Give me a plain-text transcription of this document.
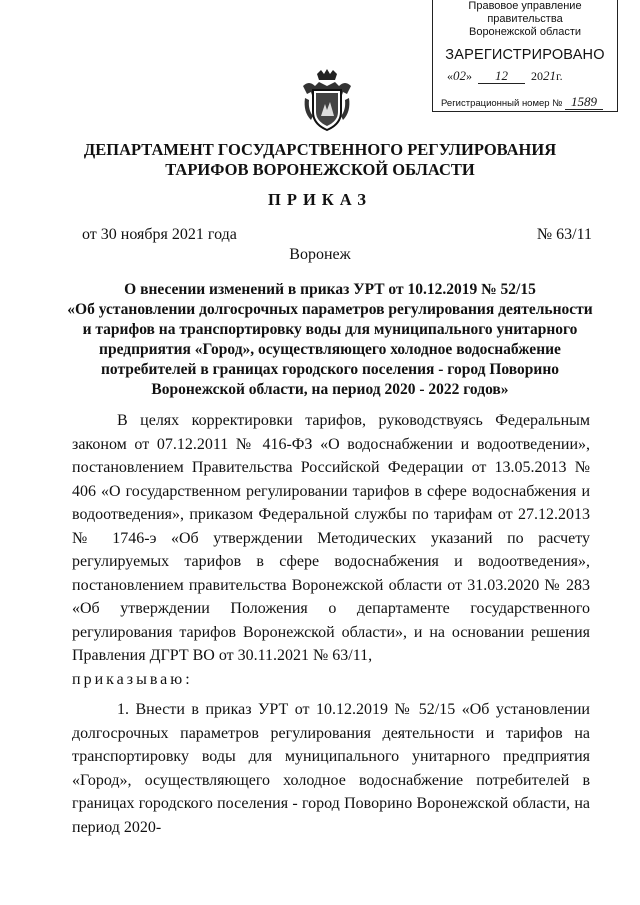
Правовое управление правительства
Воронежской области
ЗАРЕГИСТРИРОВАНО
«02» 12 2021г.
Регистрационный номер № 1589
ДЕПАРТАМЕНТ ГОСУДАРСТВЕННОГО РЕГУЛИРОВАНИЯ
ТАРИФОВ ВОРОНЕЖСКОЙ ОБЛАСТИ
ПРИКАЗ
от 30 ноября 2021 года	№ 63/11
Воронеж
О внесении изменений в приказ УРТ от 10.12.2019 № 52/15
«Об установлении долгосрочных параметров регулирования деятельности
и тарифов на транспортировку воды для муниципального унитарного
предприятия «Город», осуществляющего холодное водоснабжение
потребителей в границах городского поселения - город Поворино
Воронежской области, на период 2020 - 2022 годов»
В целях корректировки тарифов, руководствуясь Федеральным законом от 07.12.2011 № 416-ФЗ «О водоснабжении и водоотведении», постановлением Правительства Российской Федерации от 13.05.2013 № 406 «О государственном регулировании тарифов в сфере водоснабжения и водоотведения», приказом Федеральной службы по тарифам от 27.12.2013 № 1746-э «Об утверждении Методических указаний по расчету регулируемых тарифов в сфере водоснабжения и водоотведения», постановлением правительства Воронежской области от 31.03.2020 № 283 «Об утверждении Положения о департаменте государственного регулирования тарифов Воронежской области», и на основании решения Правления ДГРТ ВО от 30.11.2021 № 63/11,
приказываю:
1. Внести в приказ УРТ от 10.12.2019 № 52/15 «Об установлении долгосрочных параметров регулирования деятельности и тарифов на транспортировку воды для муниципального унитарного предприятия «Город», осуществляющего холодное водоснабжение потребителей в границах городского поселения - город Поворино Воронежской области, на период 2020-
